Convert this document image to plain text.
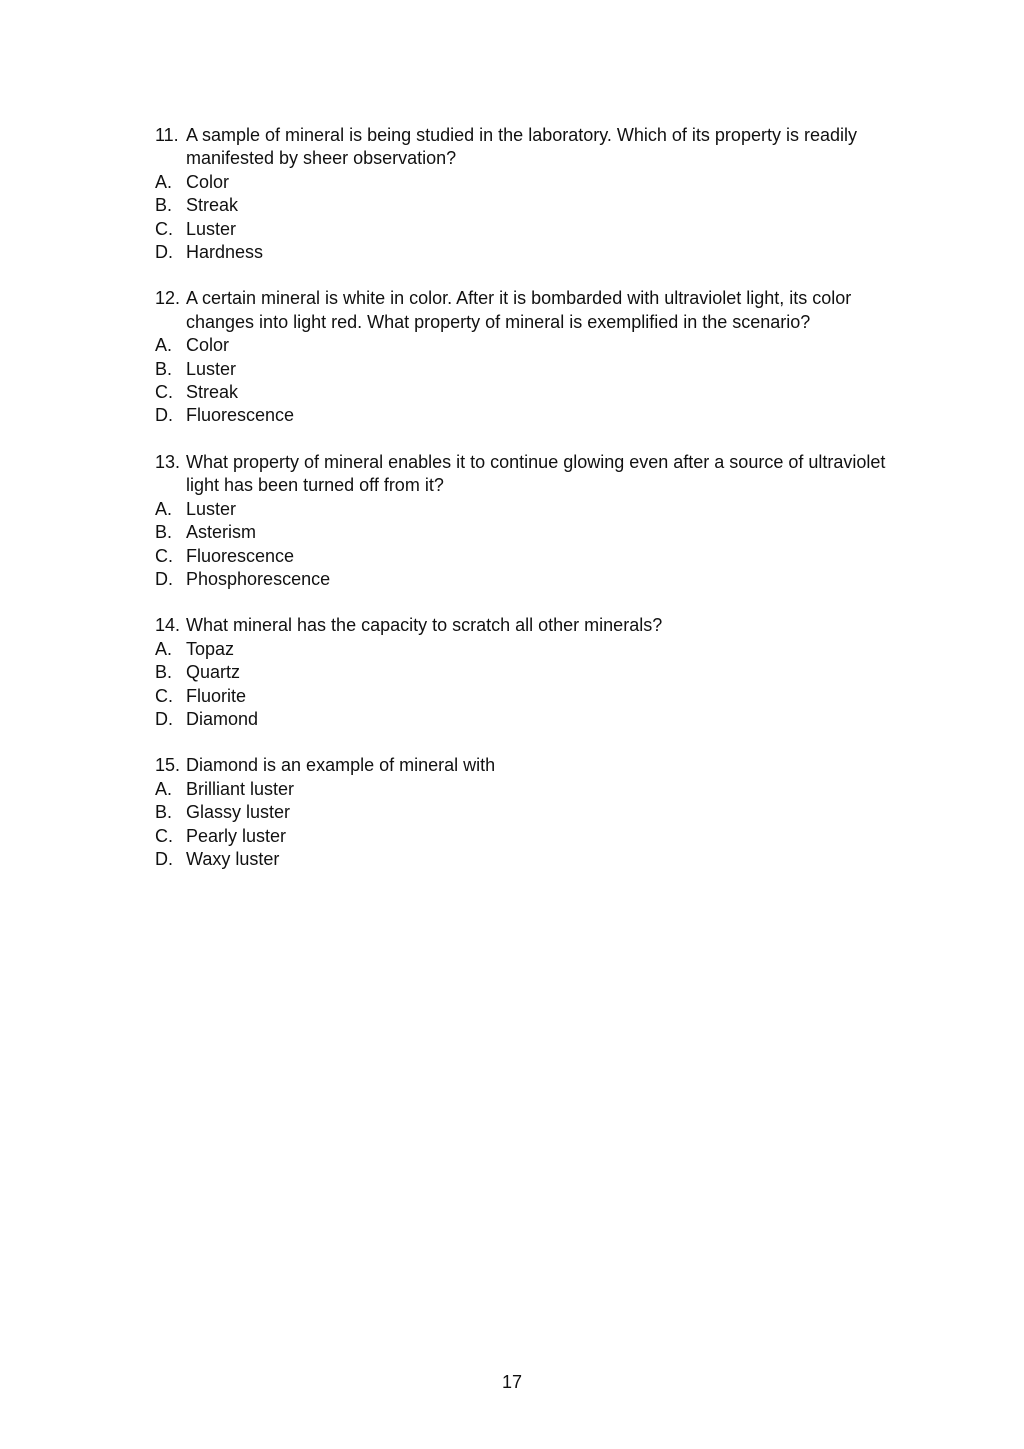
11. A sample of mineral is being studied in the laboratory. Which of its property is readily manifested by sheer observation?
A. Color
B. Streak
C. Luster
D. Hardness
12. A certain mineral is white in color. After it is bombarded with ultraviolet light, its color changes into light red. What property of mineral is exemplified in the scenario?
A. Color
B. Luster
C. Streak
D. Fluorescence
13. What property of mineral enables it to continue glowing even after a source of ultraviolet light has been turned off from it?
A. Luster
B. Asterism
C. Fluorescence
D. Phosphorescence
14. What mineral has the capacity to scratch all other minerals?
A. Topaz
B. Quartz
C. Fluorite
D. Diamond
15. Diamond is an example of mineral with
A. Brilliant luster
B. Glassy luster
C. Pearly luster
D. Waxy luster
17
